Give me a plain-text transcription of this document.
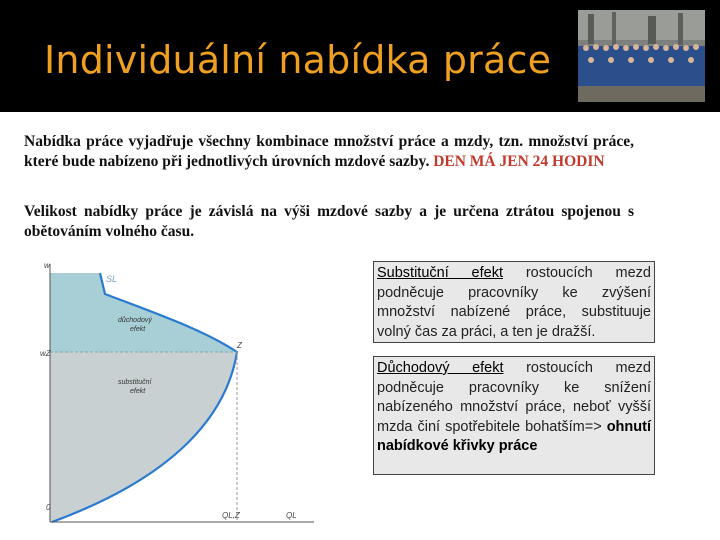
Individuální nabídka práce
Nabídka práce vyjadřuje všechny kombinace množství práce a mzdy, tzn. množství práce, které bude nabízeno při jednotlivých úrovních mzdové sazby. DEN MÁ JEN 24 HODIN
Velikost nabídky práce je závislá na výši mzdové sazby a je určena ztrátou spojenou s obětováním volného času.
w
SL
wZ
Z
důchodový
efekt
substituční
efekt
0
QL,Z	QL
Substituční efekt rostoucích mezd podněcuje pracovníky ke zvýšení množství nabízené práce, substituuje volný čas za práci, a ten je dražší.
Důchodový efekt rostoucích mezd podněcuje pracovníky ke snížení nabízeného množství práce, neboť vyšší mzda činí spotřebitele bohatším=> ohnutí nabídkové křivky práce
